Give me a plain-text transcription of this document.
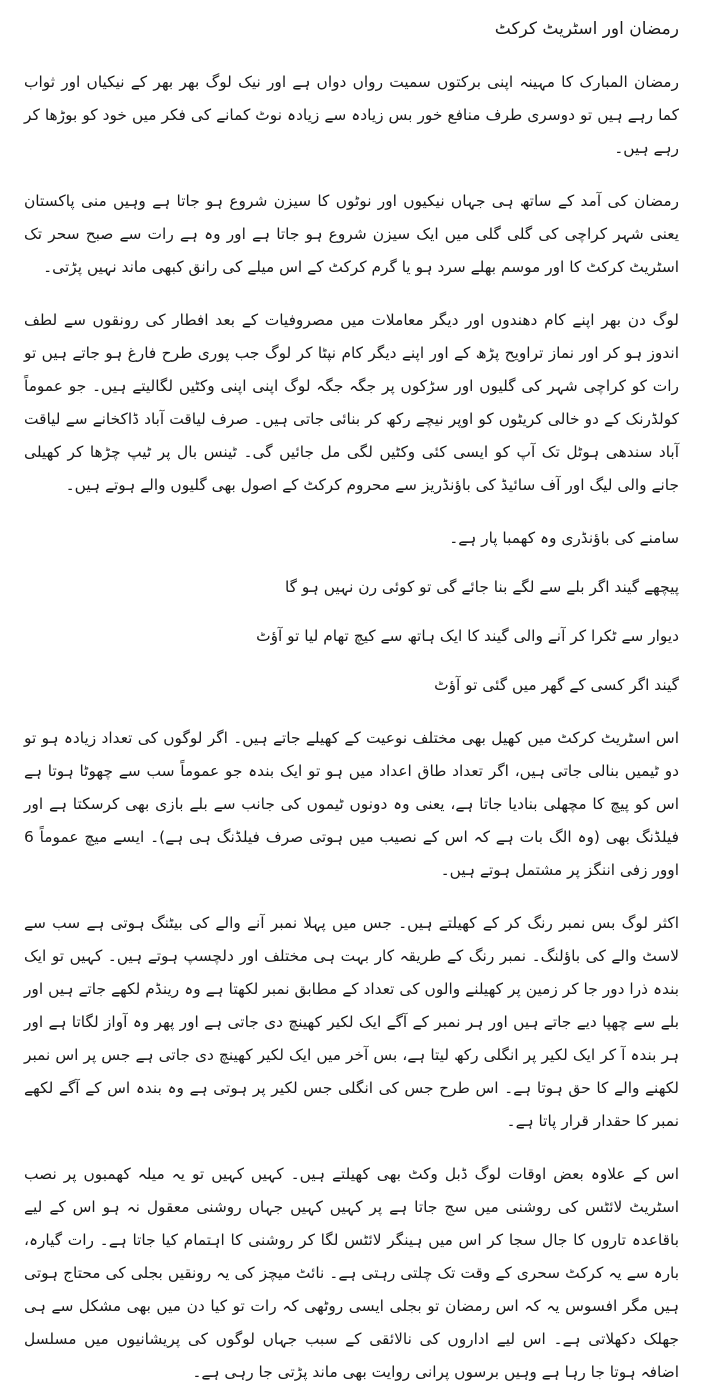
رمضان اور اسٹریٹ کرکٹ

رمضان المبارک کا مہینہ اپنی برکتوں سمیت رواں دواں ہے اور نیک لوگ بھر بھر کے نیکیاں اور ثواب کما رہے ہیں تو دوسری طرف منافع خور بس زیادہ سے زیادہ نوٹ کمانے کی فکر میں خود کو بوڑھا کر رہے ہیں۔

رمضان کی آمد کے ساتھ ہی جہاں نیکیوں اور نوٹوں کا سیزن شروع ہو جاتا ہے وہیں منی پاکستان یعنی شہر کراچی کی گلی گلی میں ایک سیزن شروع ہو جاتا ہے اور وہ ہے رات سے صبح سحر تک اسٹریٹ کرکٹ کا اور موسم بھلے سرد ہو یا گرم کرکٹ کے اس میلے کی رانق کبھی ماند نہیں پڑتی۔

لوگ دن بھر اپنے کام دھندوں اور دیگر معاملات میں مصروفیات کے بعد افطار کی رونقوں سے لطف اندوز ہو کر اور نماز تراویح پڑھ کے اور اپنے دیگر کام نپٹا کر لوگ جب پوری طرح فارغ ہو جاتے ہیں تو رات کو کراچی شہر کی گلیوں اور سڑکوں پر جگہ جگہ لوگ اپنی اپنی وکٹیں لگالیتے ہیں۔ جو عموماً کولڈرنک کے دو خالی کریٹوں کو اوپر نیچے رکھ کر بنائی جاتی ہیں۔ صرف لیاقت آباد ڈاکخانے سے لیاقت آباد سندھی ہوٹل تک آپ کو ایسی کئی وکٹیں لگی مل جائیں گی۔ ٹینس بال پر ٹیپ چڑھا کر کھیلی جانے والی لیگ اور آف سائیڈ کی باؤنڈریز سے محروم کرکٹ کے اصول بھی گلیوں والے ہوتے ہیں۔

سامنے کی باؤنڈری وہ کھمبا پار ہے۔

پیچھے گیند اگر بلے سے لگے بنا جائے گی تو کوئی رن نہیں ہو گا

دیوار سے ٹکرا کر آنے والی گیند کا ایک ہاتھ سے کیچ تھام لیا تو آؤٹ

گیند اگر کسی کے گھر میں گئی تو آؤٹ

اس اسٹریٹ کرکٹ میں کھیل بھی مختلف نوعیت کے کھیلے جاتے ہیں۔ اگر لوگوں کی تعداد زیادہ ہو تو دو ٹیمیں بنالی جاتی ہیں، اگر تعداد طاق اعداد میں ہو تو ایک بندہ جو عموماً سب سے چھوٹا ہوتا ہے اس کو پیچ کا مچھلی بنادیا جاتا ہے، یعنی وہ دونوں ٹیموں کی جانب سے بلے بازی بھی کرسکتا ہے اور فیلڈنگ بھی (وہ الگ بات ہے کہ اس کے نصیب میں ہوتی صرف فیلڈنگ ہی ہے)۔ ایسے میچ عموماً 6 اوور زفی اننگز پر مشتمل ہوتے ہیں۔

اکثر لوگ بس نمبر رنگ کر کے کھیلتے ہیں۔ جس میں پہلا نمبر آنے والے کی بیٹنگ ہوتی ہے سب سے لاسٹ والے کی باؤلنگ۔ نمبر رنگ کے طریقہ کار بہت ہی مختلف اور دلچسپ ہوتے ہیں۔ کہیں تو ایک بندہ ذرا دور جا کر زمین پر کھیلنے والوں کی تعداد کے مطابق نمبر لکھتا ہے وہ رینڈم لکھے جاتے ہیں اور بلے سے چھپا دیے جاتے ہیں اور ہر نمبر کے آگے ایک لکیر کھینچ دی جاتی ہے اور پھر وہ آواز لگاتا ہے اور ہر بندہ آ کر ایک لکیر پر انگلی رکھ لیتا ہے، بس آخر میں ایک لکیر کھینچ دی جاتی ہے جس پر اس نمبر لکھنے والے کا حق ہوتا ہے۔ اس طرح جس کی انگلی جس لکیر پر ہوتی ہے وہ بندہ اس کے آگے لکھے نمبر کا حقدار قرار پاتا ہے۔

اس کے علاوہ بعض اوقات لوگ ڈبل وکٹ بھی کھیلتے ہیں۔ کہیں کہیں تو یہ میلہ کھمبوں پر نصب اسٹریٹ لائٹس کی روشنی میں سج جاتا ہے پر کہیں کہیں جہاں روشنی معقول نہ ہو اس کے لیے باقاعدہ تاروں کا جال سجا کر اس میں ہینگر لائٹس لگا کر روشنی کا اہتمام کیا جاتا ہے۔ رات گیارہ، بارہ سے یہ کرکٹ سحری کے وقت تک چلتی رہتی ہے۔ نائٹ میچز کی یہ رونقیں بجلی کی محتاج ہوتی ہیں مگر افسوس یہ کہ اس رمضان تو بجلی ایسی روٹھی کہ رات تو کیا دن میں بھی مشکل سے ہی جھلک دکھلاتی ہے۔ اس لیے اداروں کی نالائقی کے سبب جہاں لوگوں کی پریشانیوں میں مسلسل اضافہ ہوتا جا رہا ہے وہیں برسوں پرانی روایت بھی ماند پڑتی جا رہی ہے۔
